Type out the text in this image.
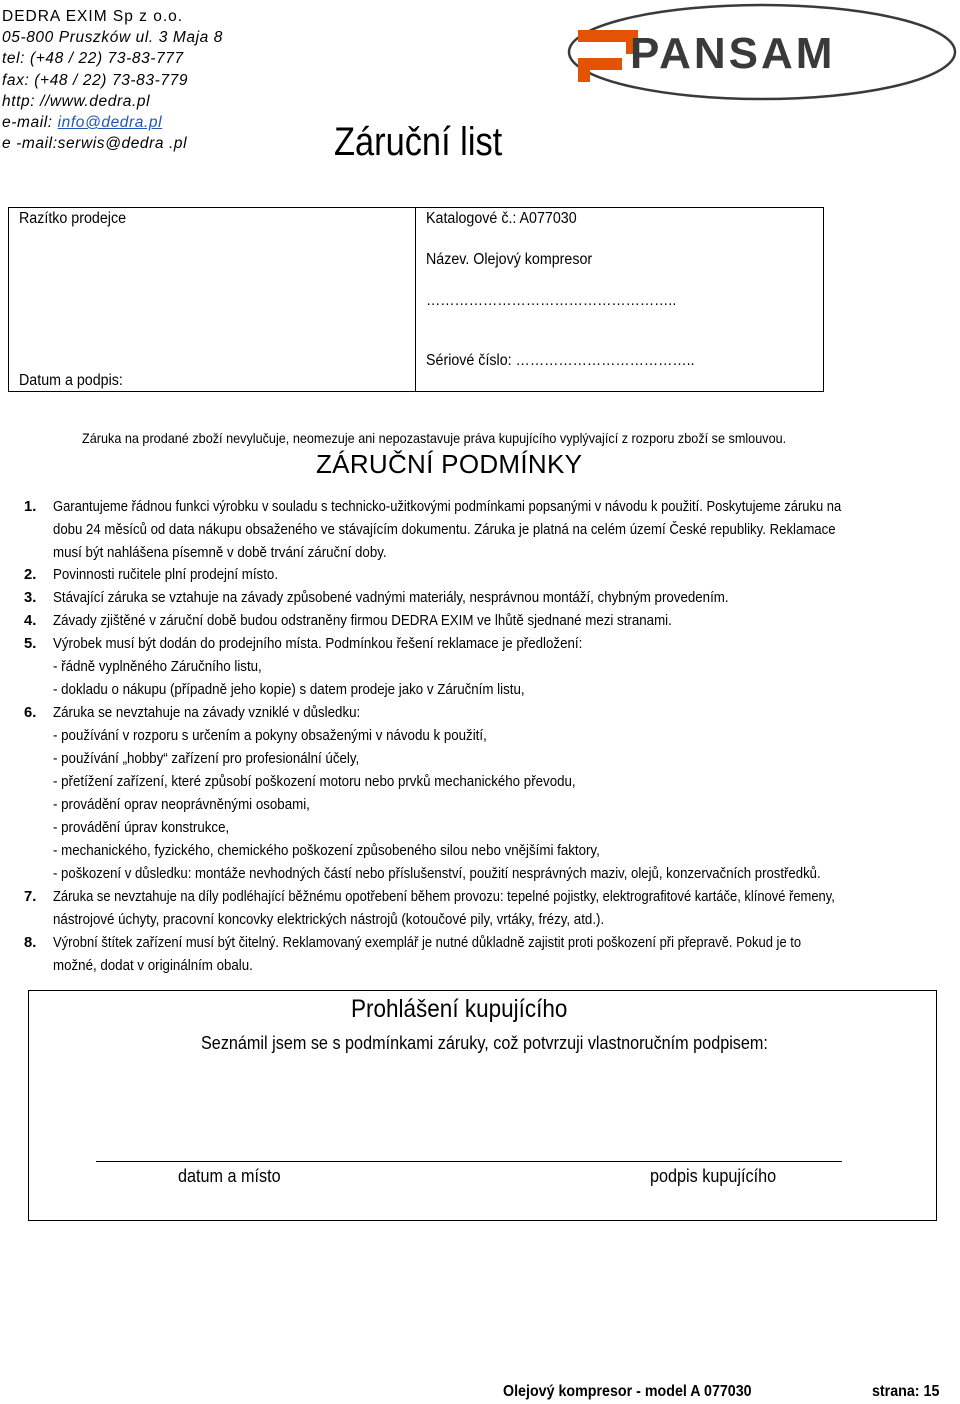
DEDRA EXIM Sp z o.o.
05-800 Pruszków ul. 3 Maja 8
tel: (+48 / 22) 73-83-777
fax: (+48 / 22) 73-83-779
http: //www.dedra.pl
e-mail: info@dedra.pl
e -mail:serwis@dedra .pl
PANSAM
Záruční list
Razítko prodejce
Datum a podpis:
Katalogové č.: A077030
Název. Olejový kompresor
……………………………………………..
Sériové číslo: ………………………………..
Záruka na prodané zboží nevylučuje, neomezuje ani nepozastavuje práva kupujícího vyplývající z rozporu zboží se smlouvou.
ZÁRUČNÍ PODMÍNKY
1. Garantujeme řádnou funkci výrobku v souladu s technicko-užitkovými podmínkami popsanými v návodu k použití. Poskytujeme záruku na
dobu 24 měsíců od data nákupu obsaženého ve stávajícím dokumentu. Záruka je platná na celém území České republiky. Reklamace
musí být nahlášena písemně v době trvání záruční doby.
2. Povinnosti ručitele plní prodejní místo.
3. Stávající záruka se vztahuje na závady způsobené vadnými materiály, nesprávnou montáží, chybným provedením.
4. Závady zjištěné v záruční době budou odstraněny firmou DEDRA EXIM ve lhůtě sjednané mezi stranami.
5. Výrobek musí být dodán do prodejního místa. Podmínkou řešení reklamace je předložení:
- řádně vyplněného Záručního listu,
- dokladu o nákupu (případně jeho kopie) s datem prodeje jako v Záručním listu,
6. Záruka se nevztahuje na závady vzniklé v důsledku:
- používání v rozporu s určením a pokyny obsaženými v návodu k použití,
- používání „hobby“ zařízení pro profesionální účely,
- přetížení zařízení, které způsobí poškození motoru nebo prvků mechanického převodu,
- provádění oprav neoprávněnými osobami,
- provádění úprav konstrukce,
- mechanického, fyzického, chemického poškození způsobeného silou nebo vnějšími faktory,
- poškození v důsledku: montáže nevhodných částí nebo příslušenství, použití nesprávných maziv, olejů, konzervačních prostředků.
7. Záruka se nevztahuje na díly podléhající běžnému opotřebení během provozu: tepelné pojistky, elektrografitové kartáče, klínové řemeny,
nástrojové úchyty, pracovní koncovky elektrických nástrojů (kotoučové pily, vrtáky, frézy, atd.).
8. Výrobní štítek zařízení musí být čitelný. Reklamovaný exemplář je nutné důkladně zajistit proti poškození při přepravě. Pokud je to
možné, dodat v originálním obalu.
Prohlášení kupujícího
Seznámil jsem se s podmínkami záruky, což potvrzuji vlastnoručním podpisem:
datum a místo	podpis kupujícího
Olejový kompresor - model A 077030	strana: 15
